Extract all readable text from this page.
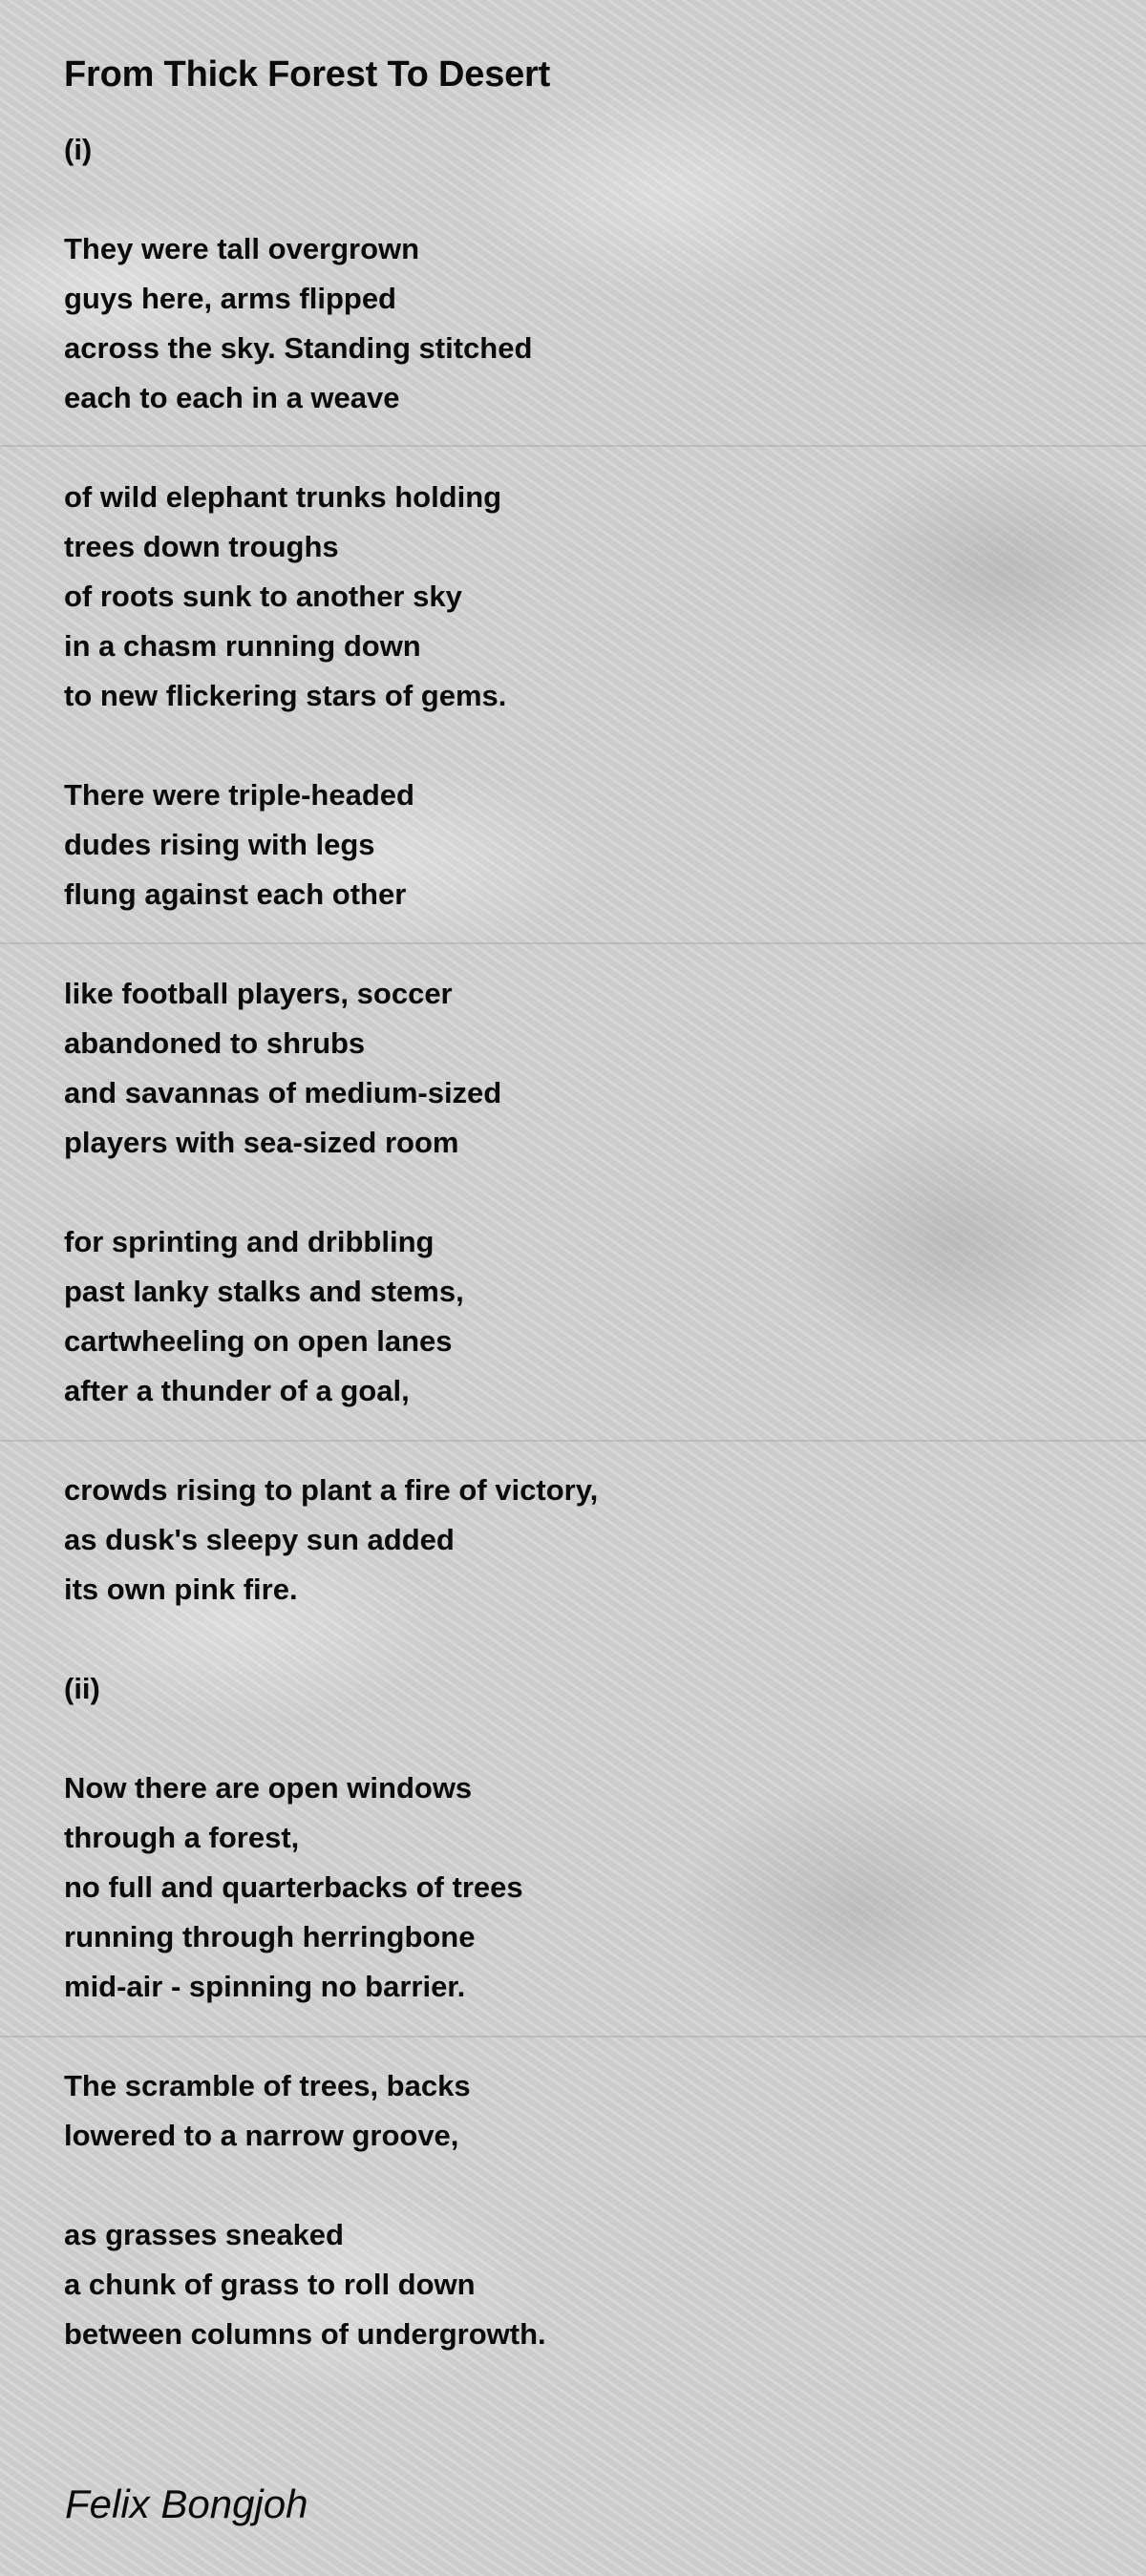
From Thick Forest To Desert
(i)
They were tall overgrown
guys here, arms flipped
across the sky. Standing stitched
each to each in a weave
of wild elephant trunks holding
trees down troughs
of roots sunk to another sky
in a chasm running down
to new flickering stars of gems.
There were triple-headed
dudes rising with legs
flung against each other
like football players, soccer
abandoned to shrubs
and savannas of medium-sized
players with sea-sized room
for sprinting and dribbling
past lanky stalks and stems,
cartwheeling on open lanes
after a thunder of a goal,
crowds rising to plant a fire of victory,
as dusk's sleepy sun added
its own pink fire.
(ii)
Now there are open windows
through a forest,
no full and quarterbacks of trees
running through herringbone
mid-air - spinning no barrier.
The scramble of trees, backs
lowered to a narrow groove,
as grasses sneaked
a chunk of grass to roll down
between columns of undergrowth.
Felix Bongjoh
